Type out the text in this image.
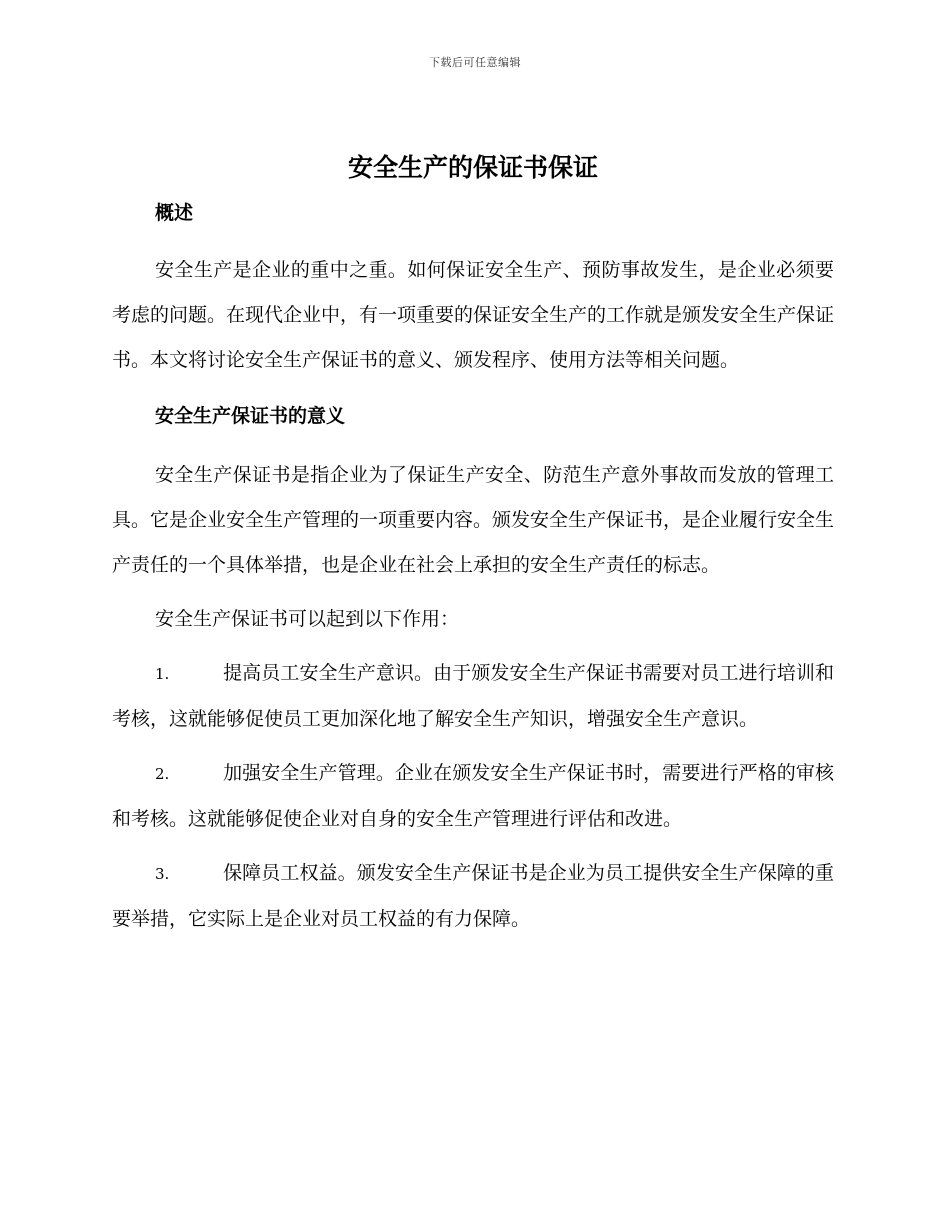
下载后可任意编辑
安全生产的保证书保证
概述

安全生产是企业的重中之重。如何保证安全生产、预防事故发生，是企业必须要考虑的问题。在现代企业中，有一项重要的保证安全生产的工作就是颁发安全生产保证书。本文将讨论安全生产保证书的意义、颁发程序、使用方法等相关问题。

安全生产保证书的意义

安全生产保证书是指企业为了保证生产安全、防范生产意外事故而发放的管理工具。它是企业安全生产管理的一项重要内容。颁发安全生产保证书，是企业履行安全生产责任的一个具体举措，也是企业在社会上承担的安全生产责任的标志。

安全生产保证书可以起到以下作用：

1.	提高员工安全生产意识。由于颁发安全生产保证书需要对员工进行培训和考核，这就能够促使员工更加深化地了解安全生产知识，增强安全生产意识。

2.	加强安全生产管理。企业在颁发安全生产保证书时，需要进行严格的审核和考核。这就能够促使企业对自身的安全生产管理进行评估和改进。

3.	保障员工权益。颁发安全生产保证书是企业为员工提供安全生产保障的重要举措，它实际上是企业对员工权益的有力保障。
